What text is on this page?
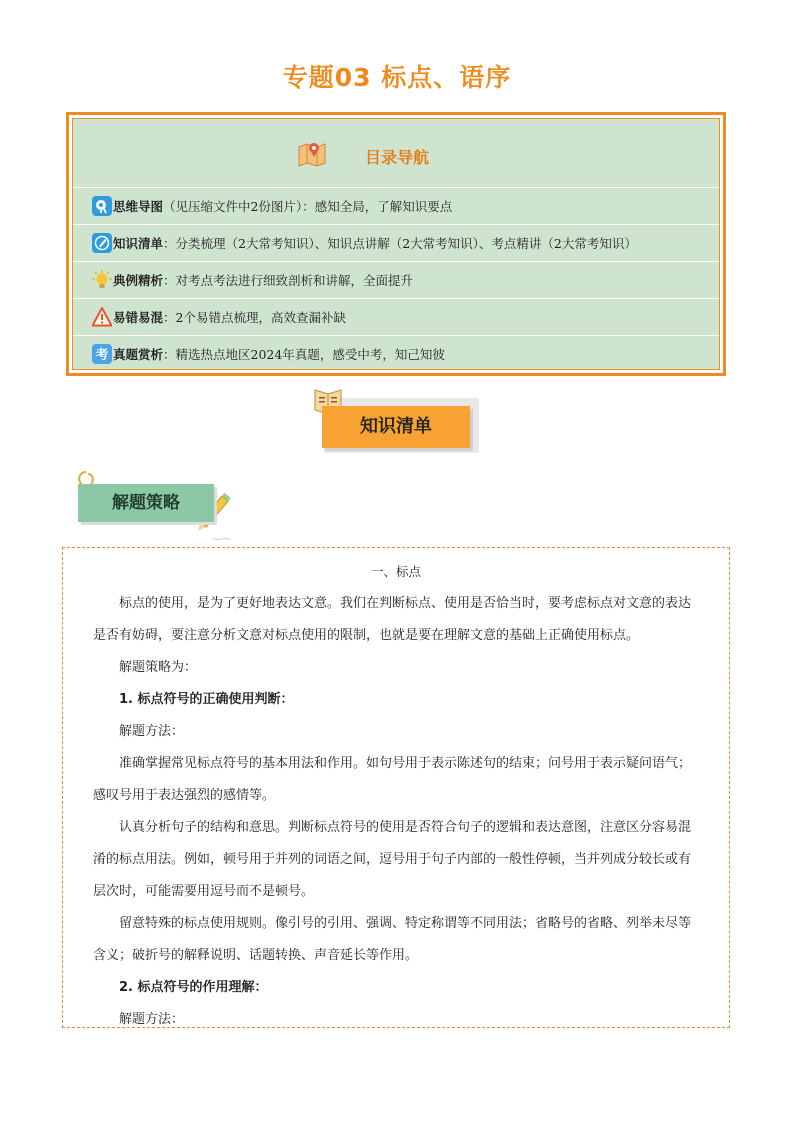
专题03 标点、语序
目录导航
思维导图（见压缩文件中2份图片）：感知全局，了解知识要点
知识清单：分类梳理（2大常考知识）、知识点讲解（2大常考知识）、考点精讲（2大常考知识）
典例精析：对考点考法进行细致剖析和讲解，全面提升
易错易混：2个易错点梳理，高效查漏补缺
考 真题赏析：精选热点地区2024年真题，感受中考，知己知彼
知识清单
解题策略

一、标点

标点的使用，是为了更好地表达文意。我们在判断标点、使用是否恰当时，要考虑标点对文意的表达是否有妨碍，要注意分析文意对标点使用的限制，也就是要在理解文意的基础上正确使用标点。

解题策略为：

1. 标点符号的正确使用判断：

解题方法：

准确掌握常见标点符号的基本用法和作用。如句号用于表示陈述句的结束；问号用于表示疑问语气；感叹号用于表达强烈的感情等。

认真分析句子的结构和意思。判断标点符号的使用是否符合句子的逻辑和表达意图，注意区分容易混淆的标点用法。例如，顿号用于并列的词语之间，逗号用于句子内部的一般性停顿，当并列成分较长或有层次时，可能需要用逗号而不是顿号。

留意特殊的标点使用规则。像引号的引用、强调、特定称谓等不同用法；省略号的省略、列举未尽等含义；破折号的解释说明、话题转换、声音延长等作用。

2. 标点符号的作用理解：

解题方法：
